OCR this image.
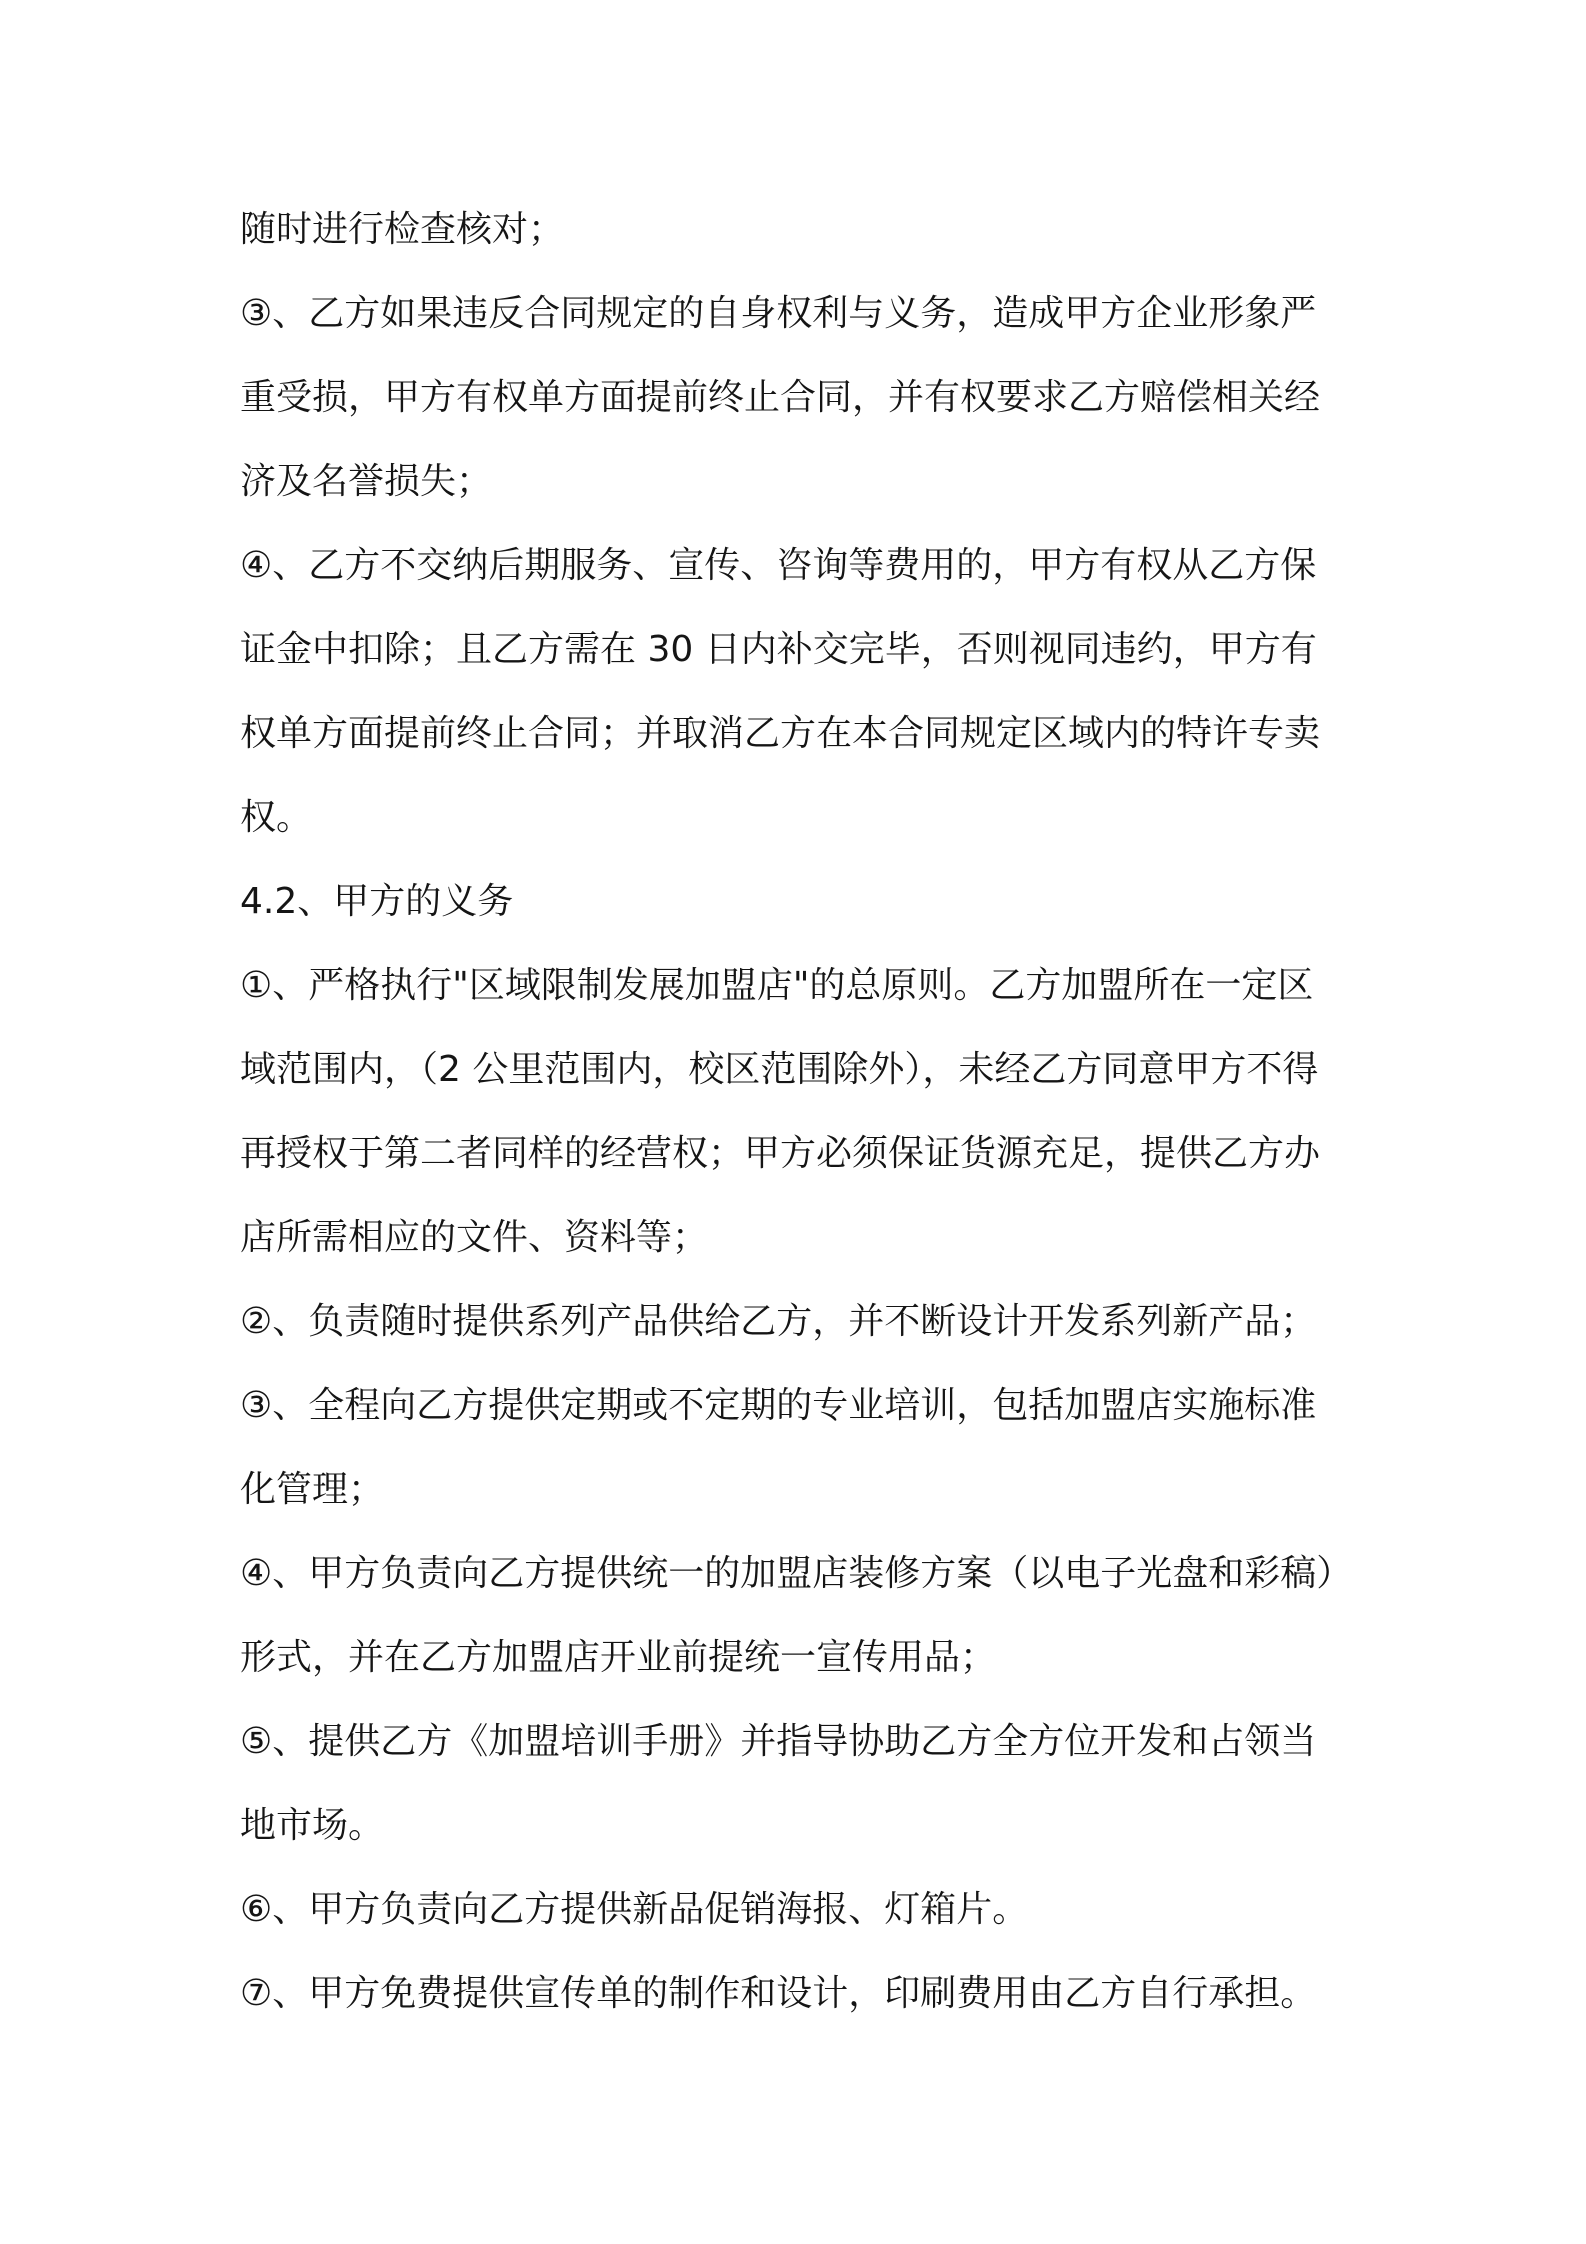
随时进行检查核对；
③、乙方如果违反合同规定的自身权利与义务，造成甲方企业形象严
重受损，甲方有权单方面提前终止合同，并有权要求乙方赔偿相关经
济及名誉损失；
④、乙方不交纳后期服务、宣传、咨询等费用的，甲方有权从乙方保
证金中扣除；且乙方需在 30 日内补交完毕，否则视同违约，甲方有
权单方面提前终止合同；并取消乙方在本合同规定区域内的特许专卖
权。
4.2、甲方的义务
①、严格执行"区域限制发展加盟店"的总原则。乙方加盟所在一定区
域范围内，（2 公里范围内，校区范围除外），未经乙方同意甲方不得
再授权于第二者同样的经营权；甲方必须保证货源充足，提供乙方办
店所需相应的文件、资料等；
②、负责随时提供系列产品供给乙方，并不断设计开发系列新产品；
③、全程向乙方提供定期或不定期的专业培训，包括加盟店实施标准
化管理；
④、甲方负责向乙方提供统一的加盟店装修方案（以电子光盘和彩稿）
形式，并在乙方加盟店开业前提统一宣传用品；
⑤、提供乙方《加盟培训手册》并指导协助乙方全方位开发和占领当
地市场。
⑥、甲方负责向乙方提供新品促销海报、灯箱片。
⑦、甲方免费提供宣传单的制作和设计，印刷费用由乙方自行承担。
